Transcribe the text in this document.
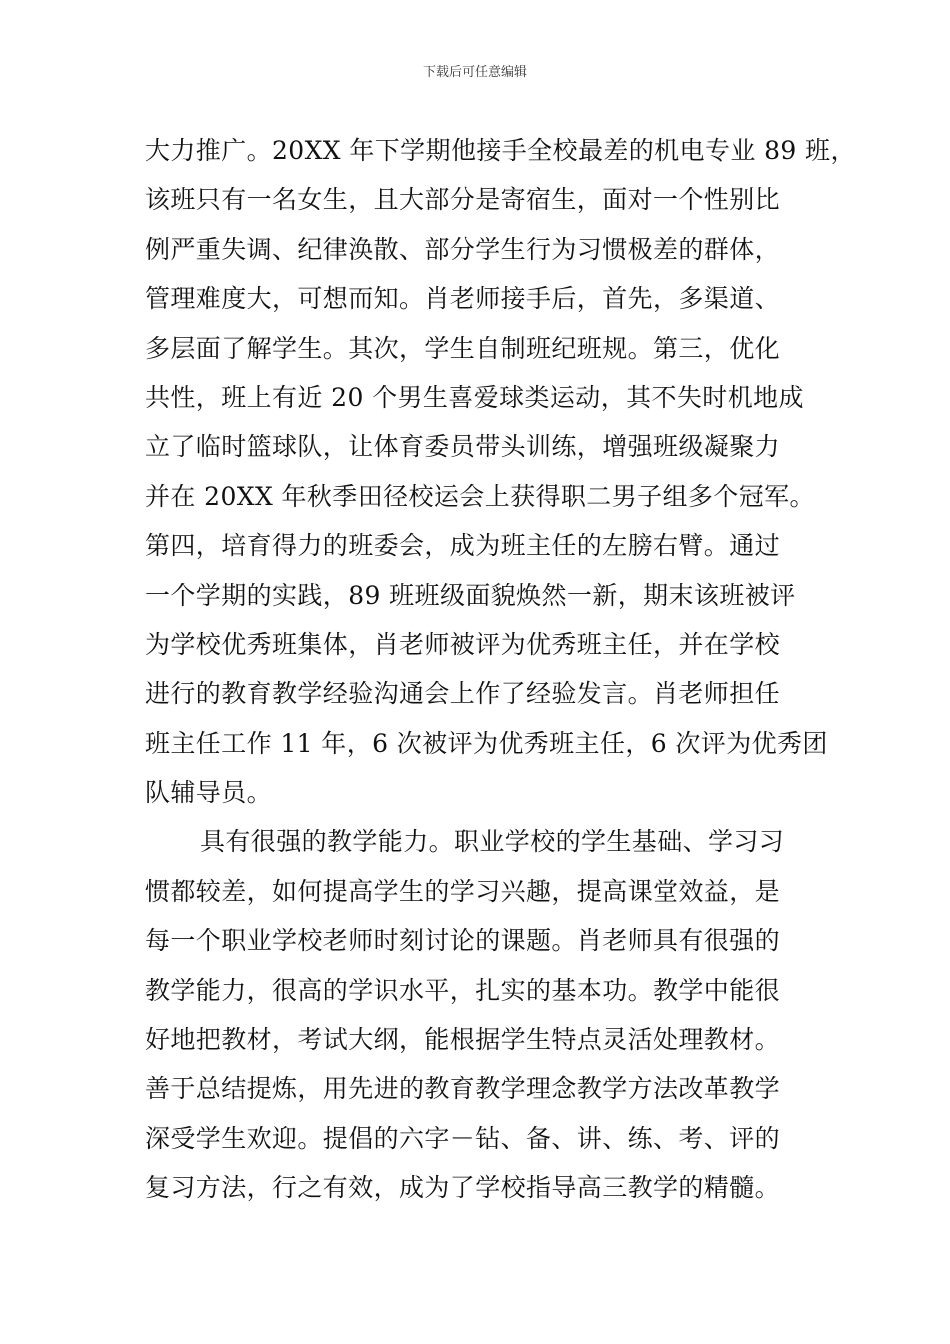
下载后可任意编辑
大力推广。20XX 年下学期他接手全校最差的机电专业 89 班，
该班只有一名女生，且大部分是寄宿生，面对一个性别比
例严重失调、纪律涣散、部分学生行为习惯极差的群体，
管理难度大，可想而知。肖老师接手后，首先，多渠道、
多层面了解学生。其次，学生自制班纪班规。第三，优化
共性，班上有近 20 个男生喜爱球类运动，其不失时机地成
立了临时篮球队，让体育委员带头训练，增强班级凝聚力
并在 20XX 年秋季田径校运会上获得职二男子组多个冠军。
第四，培育得力的班委会，成为班主任的左膀右臂。通过
一个学期的实践，89 班班级面貌焕然一新，期末该班被评
为学校优秀班集体，肖老师被评为优秀班主任，并在学校
进行的教育教学经验沟通会上作了经验发言。肖老师担任
班主任工作 11 年，6 次被评为优秀班主任，6 次评为优秀团
队辅导员。
具有很强的教学能力。职业学校的学生基础、学习习
惯都较差，如何提高学生的学习兴趣，提高课堂效益，是
每一个职业学校老师时刻讨论的课题。肖老师具有很强的
教学能力，很高的学识水平，扎实的基本功。教学中能很
好地把教材，考试大纲，能根据学生特点灵活处理教材。
善于总结提炼，用先进的教育教学理念教学方法改革教学
深受学生欢迎。提倡的六字－钻、备、讲、练、考、评的
复习方法，行之有效，成为了学校指导高三教学的精髓。
